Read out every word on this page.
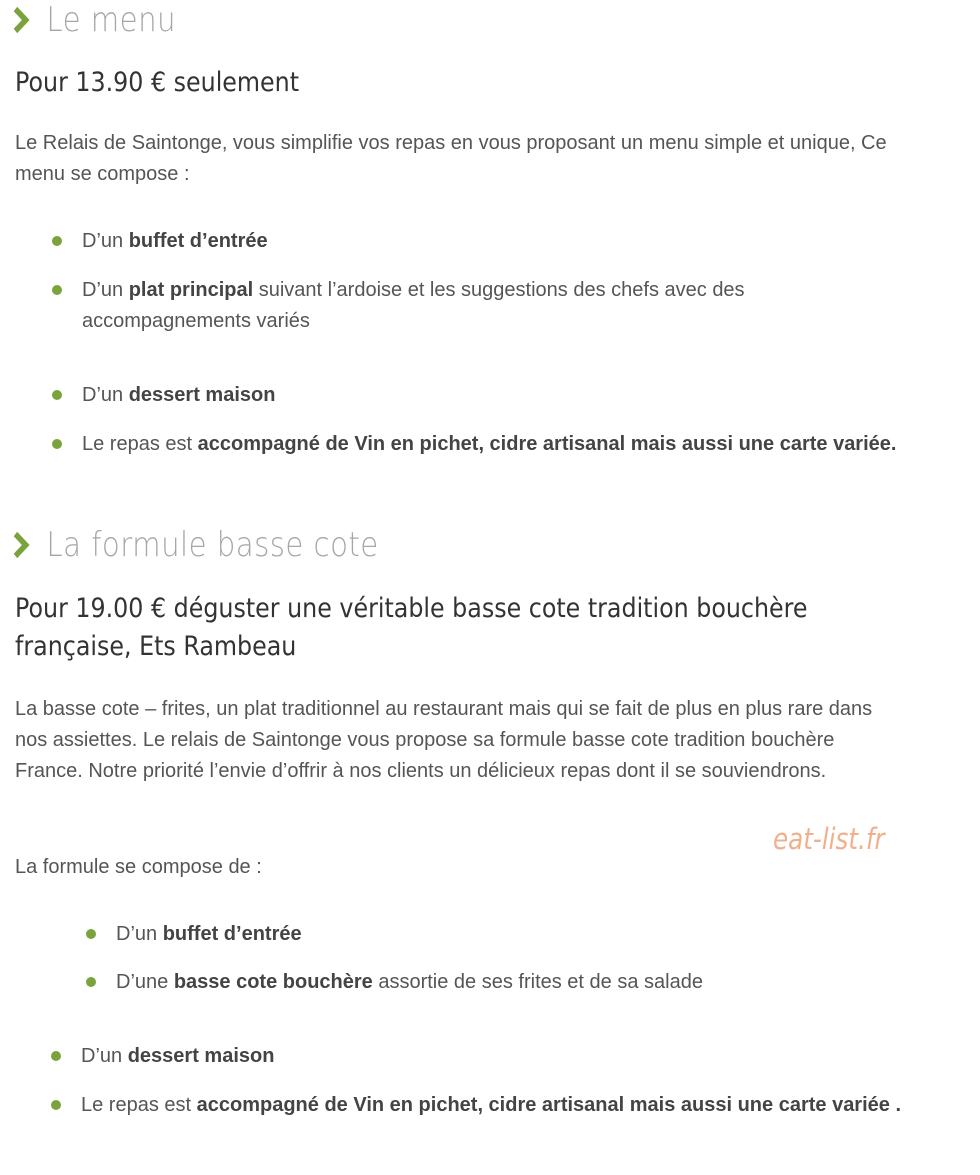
Le menu
Pour 13.90 € seulement

Le Relais de Saintonge, vous simplifie vos repas en vous proposant un menu simple et unique, Ce menu se compose :

D’un buffet d’entrée
D’un plat principal suivant l’ardoise et les suggestions des chefs avec des accompagnements variés
D’un dessert maison
Le repas est accompagné de Vin en pichet, cidre artisanal mais aussi une carte variée.
La formule basse cote
Pour 19.00 € déguster une véritable basse cote tradition bouchère
française, Ets Rambeau

La basse cote – frites, un plat traditionnel au restaurant mais qui se fait de plus en plus rare dans nos assiettes. Le relais de Saintonge vous propose sa formule basse cote tradition bouchère France. Notre priorité l’envie d’offrir à nos clients un délicieux repas dont il se souviendrons.

La formule se compose de :

eat-list.fr
D’un buffet d’entrée
D’une basse cote bouchère assortie de ses frites et de sa salade
D’un dessert maison
Le repas est accompagné de Vin en pichet, cidre artisanal mais aussi une carte variée .
